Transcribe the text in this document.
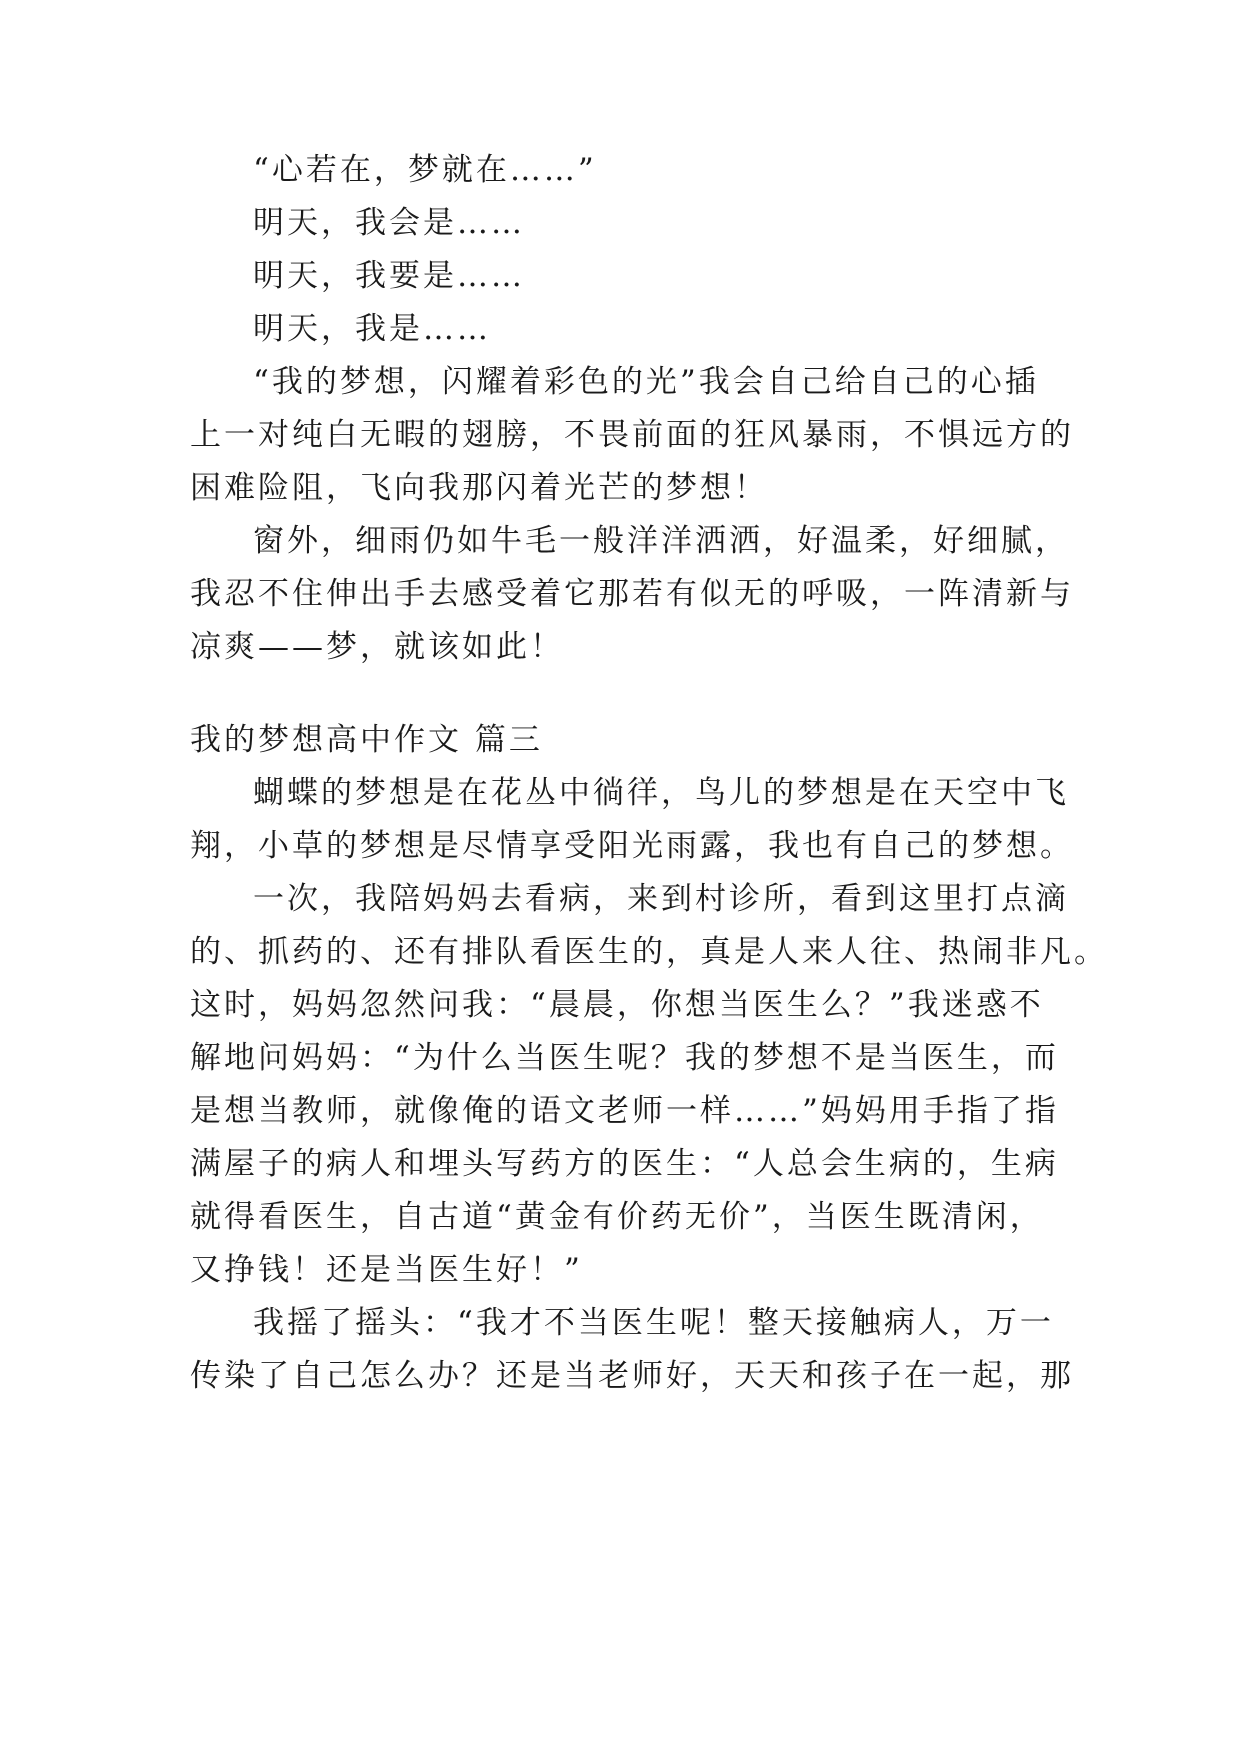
“心若在，梦就在……”
明天，我会是……
明天，我要是……
明天，我是……
“我的梦想，闪耀着彩色的光”我会自己给自己的心插
上一对纯白无暇的翅膀，不畏前面的狂风暴雨，不惧远方的
困难险阻，飞向我那闪着光芒的梦想！
窗外，细雨仍如牛毛一般洋洋洒洒，好温柔，好细腻，
我忍不住伸出手去感受着它那若有似无的呼吸，一阵清新与
凉爽——梦，就该如此！
我的梦想高中作文 篇三
蝴蝶的梦想是在花丛中徜徉，鸟儿的梦想是在天空中飞
翔，小草的梦想是尽情享受阳光雨露，我也有自己的梦想。
一次，我陪妈妈去看病，来到村诊所，看到这里打点滴
的、抓药的、还有排队看医生的，真是人来人往、热闹非凡。
这时，妈妈忽然问我：“晨晨，你想当医生么？”我迷惑不
解地问妈妈：“为什么当医生呢？我的梦想不是当医生，而
是想当教师，就像俺的语文老师一样……”妈妈用手指了指
满屋子的病人和埋头写药方的医生：“人总会生病的，生病
就得看医生，自古道“黄金有价药无价”，当医生既清闲，
又挣钱！还是当医生好！”
我摇了摇头：“我才不当医生呢！整天接触病人，万一
传染了自己怎么办？还是当老师好，天天和孩子在一起，那
